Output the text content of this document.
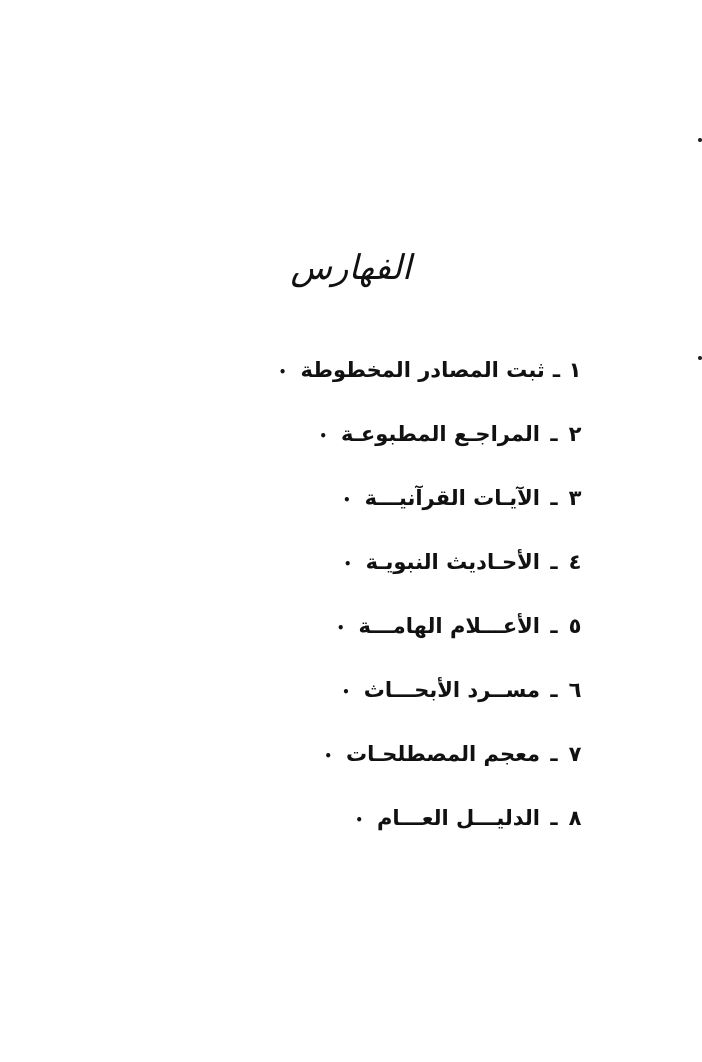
الفهارس
١
ـ
ثبت المصادر المخطوطة
•
٢
ـ
المراجـع المطبوعـة
•
٣
ـ
الآيـات القرآنيـــة
•
٤
ـ
الأحـاديث النبويـة
•
٥
ـ
الأعـــلام الهامـــة
•
٦
ـ
مســرد الأبحـــاث
•
٧
ـ
معجم المصطلحـات
•
٨
ـ
الدليـــل العـــام
•
